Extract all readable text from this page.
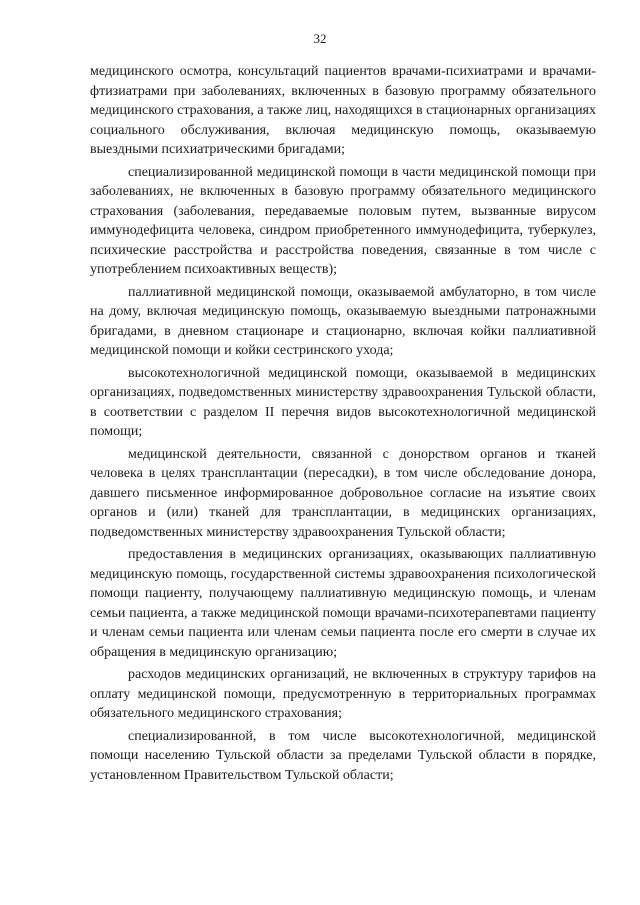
32

медицинского осмотра, консультаций пациентов врачами-психиатрами и врачами-фтизиатрами при заболеваниях, включенных в базовую программу обязательного медицинского страхования, а также лиц, находящихся в стационарных организациях социального обслуживания, включая медицинскую помощь, оказываемую выездными психиатрическими бригадами;

специализированной медицинской помощи в части медицинской помощи при заболеваниях, не включенных в базовую программу обязательного медицинского страхования (заболевания, передаваемые половым путем, вызванные вирусом иммунодефицита человека, синдром приобретенного иммунодефицита, туберкулез, психические расстройства и расстройства поведения, связанные в том числе с употреблением психоактивных веществ);

паллиативной медицинской помощи, оказываемой амбулаторно, в том числе на дому, включая медицинскую помощь, оказываемую выездными патронажными бригадами, в дневном стационаре и стационарно, включая койки паллиативной медицинской помощи и койки сестринского ухода;

высокотехнологичной медицинской помощи, оказываемой в медицинских организациях, подведомственных министерству здравоохранения Тульской области, в соответствии с разделом II перечня видов высокотехнологичной медицинской помощи;

медицинской деятельности, связанной с донорством органов и тканей человека в целях трансплантации (пересадки), в том числе обследование донора, давшего письменное информированное добровольное согласие на изъятие своих органов и (или) тканей для трансплантации, в медицинских организациях, подведомственных министерству здравоохранения Тульской области;

предоставления в медицинских организациях, оказывающих паллиативную медицинскую помощь, государственной системы здравоохранения психологической помощи пациенту, получающему паллиативную медицинскую помощь, и членам семьи пациента, а также медицинской помощи врачами-психотерапевтами пациенту и членам семьи пациента или членам семьи пациента после его смерти в случае их обращения в медицинскую организацию;

расходов медицинских организаций, не включенных в структуру тарифов на оплату медицинской помощи, предусмотренную в территориальных программах обязательного медицинского страхования;

специализированной, в том числе высокотехнологичной, медицинской помощи населению Тульской области за пределами Тульской области в порядке, установленном Правительством Тульской области;
